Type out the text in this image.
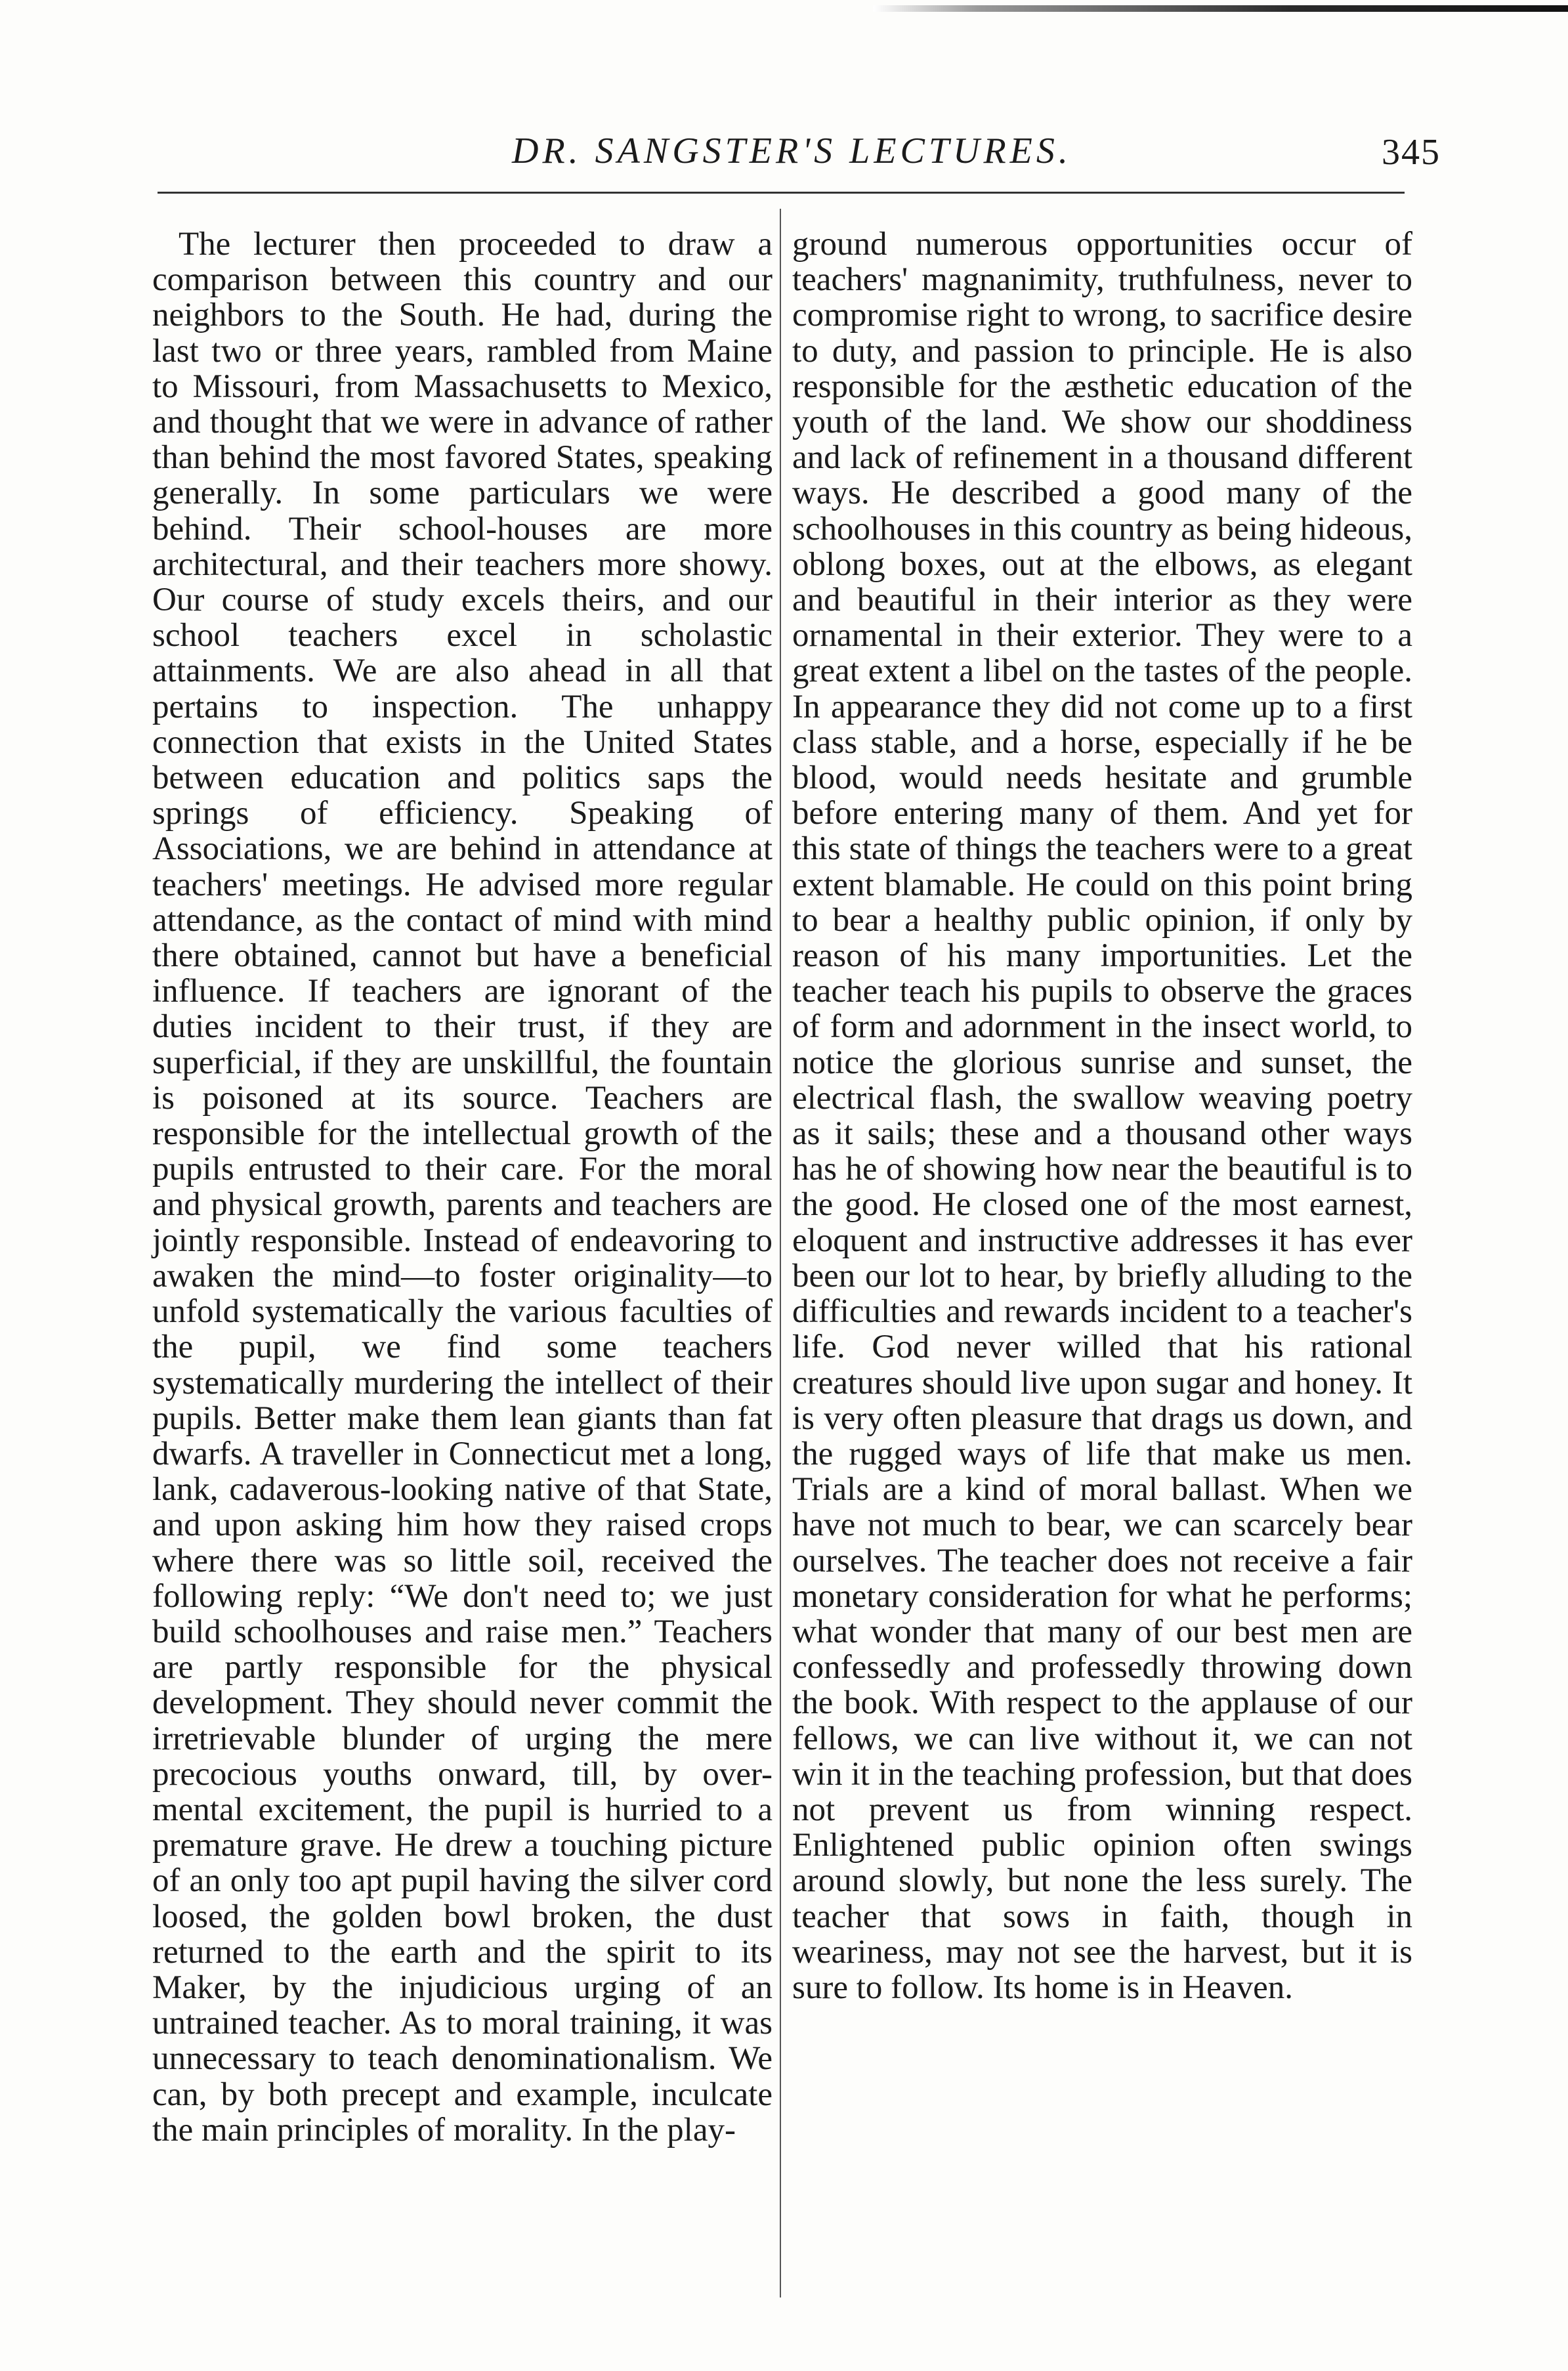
DR. SANGSTER'S LECTURES.	345

The lecturer then proceeded to draw a comparison between this country and our neighbors to the South. He had, during the last two or three years, rambled from Maine to Missouri, from Massachusetts to Mexico, and thought that we were in advance of rather than behind the most favored States, speaking generally. In some particulars we were behind. Their school-houses are more architectural, and their teachers more showy. Our course of study excels theirs, and our school teachers excel in scholastic attainments. We are also ahead in all that pertains to inspection. The unhappy connection that exists in the United States between education and politics saps the springs of efficiency. Speaking of Associations, we are behind in attendance at teachers' meetings. He advised more regular attendance, as the contact of mind with mind there obtained, cannot but have a beneficial influence. If teachers are ignorant of the duties incident to their trust, if they are superficial, if they are unskillful, the fountain is poisoned at its source. Teachers are responsible for the intellectual growth of the pupils entrusted to their care. For the moral and physical growth, parents and teachers are jointly responsible. Instead of endeavoring to awaken the mind—to foster originality—to unfold systematically the various faculties of the pupil, we find some teachers systematically murdering the intellect of their pupils. Better make them lean giants than fat dwarfs. A traveller in Connecticut met a long, lank, cadaverous-looking native of that State, and upon asking him how they raised crops where there was so little soil, received the following reply: “We don't need to; we just build schoolhouses and raise men.” Teachers are partly responsible for the physical development. They should never commit the irretrievable blunder of urging the mere precocious youths onward, till, by over-mental excitement, the pupil is hurried to a premature grave. He drew a touching picture of an only too apt pupil having the silver cord loosed, the golden bowl broken, the dust returned to the earth and the spirit to its Maker, by the injudicious urging of an untrained teacher. As to moral training, it was unnecessary to teach denominationalism. We can, by both precept and example, inculcate the main principles of morality. In the play-

ground numerous opportunities occur of teachers' magnanimity, truthfulness, never to compromise right to wrong, to sacrifice desire to duty, and passion to principle. He is also responsible for the æsthetic education of the youth of the land. We show our shoddiness and lack of refinement in a thousand different ways. He described a good many of the schoolhouses in this country as being hideous, oblong boxes, out at the elbows, as elegant and beautiful in their interior as they were ornamental in their exterior. They were to a great extent a libel on the tastes of the people. In appearance they did not come up to a first class stable, and a horse, especially if he be blood, would needs hesitate and grumble before entering many of them. And yet for this state of things the teachers were to a great extent blamable. He could on this point bring to bear a healthy public opinion, if only by reason of his many importunities. Let the teacher teach his pupils to observe the graces of form and adornment in the insect world, to notice the glorious sunrise and sunset, the electrical flash, the swallow weaving poetry as it sails; these and a thousand other ways has he of showing how near the beautiful is to the good. He closed one of the most earnest, eloquent and instructive addresses it has ever been our lot to hear, by briefly alluding to the difficulties and rewards incident to a teacher's life. God never willed that his rational creatures should live upon sugar and honey. It is very often pleasure that drags us down, and the rugged ways of life that make us men. Trials are a kind of moral ballast. When we have not much to bear, we can scarcely bear ourselves. The teacher does not receive a fair monetary consideration for what he performs; what wonder that many of our best men are confessedly and professedly throwing down the book. With respect to the applause of our fellows, we can live without it, we can not win it in the teaching profession, but that does not prevent us from winning respect. Enlightened public opinion often swings around slowly, but none the less surely. The teacher that sows in faith, though in weariness, may not see the harvest, but it is sure to follow. Its home is in Heaven.
